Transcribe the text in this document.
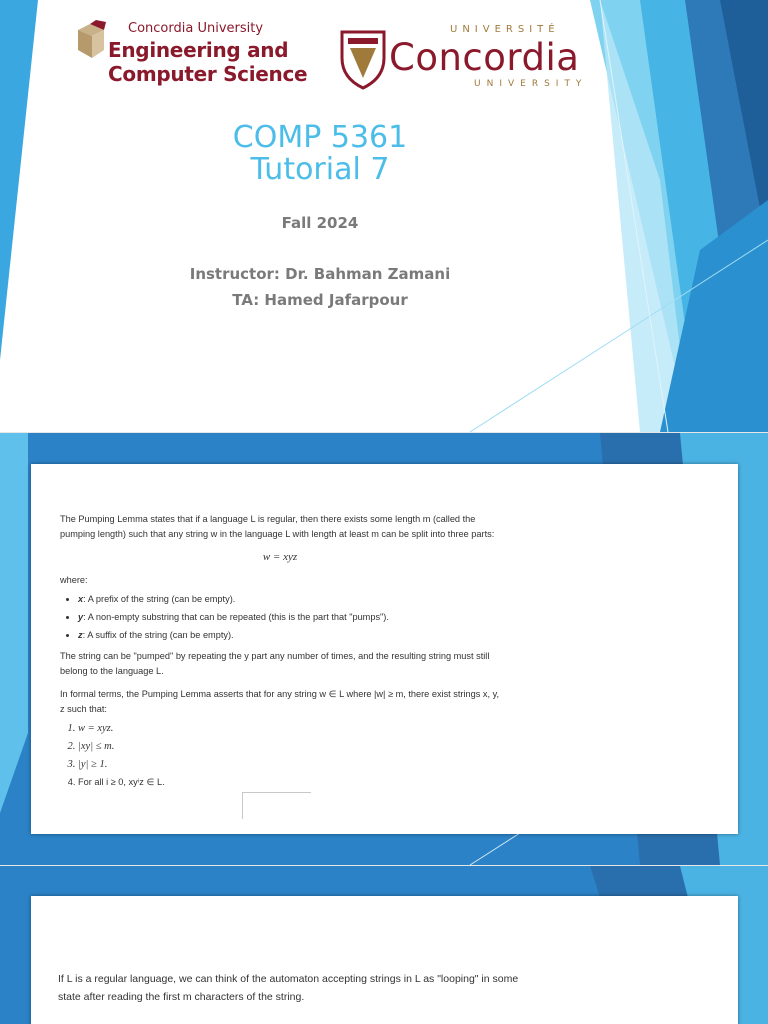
Concordia University
Engineering and
Computer Science
UNIVERSITÉ
Concordia
UNIVERSITY
COMP 5361
Tutorial 7
Fall 2024
Instructor: Dr. Bahman Zamani
TA: Hamed Jafarpour

The Pumping Lemma states that if a language L is regular, then there exists some length m (called the pumping length) such that any string w in the language L with length at least m can be split into three parts:

w = xyz

where:

• x: A prefix of the string (can be empty).
• y: A non-empty substring that can be repeated (this is the part that "pumps").
• z: A suffix of the string (can be empty).

The string can be "pumped" by repeating the y part any number of times, and the resulting string must still belong to the language L.

In formal terms, the Pumping Lemma asserts that for any string w ∈ L where |w| ≥ m, there exist strings x, y, z such that:

1. w = xyz.
2. |xy| ≤ m.
3. |y| ≥ 1.
4. For all i ≥ 0, xyⁱz ∈ L.
If L is a regular language, we can think of the automaton accepting strings in L as "looping" in some state after reading the first m characters of the string.
